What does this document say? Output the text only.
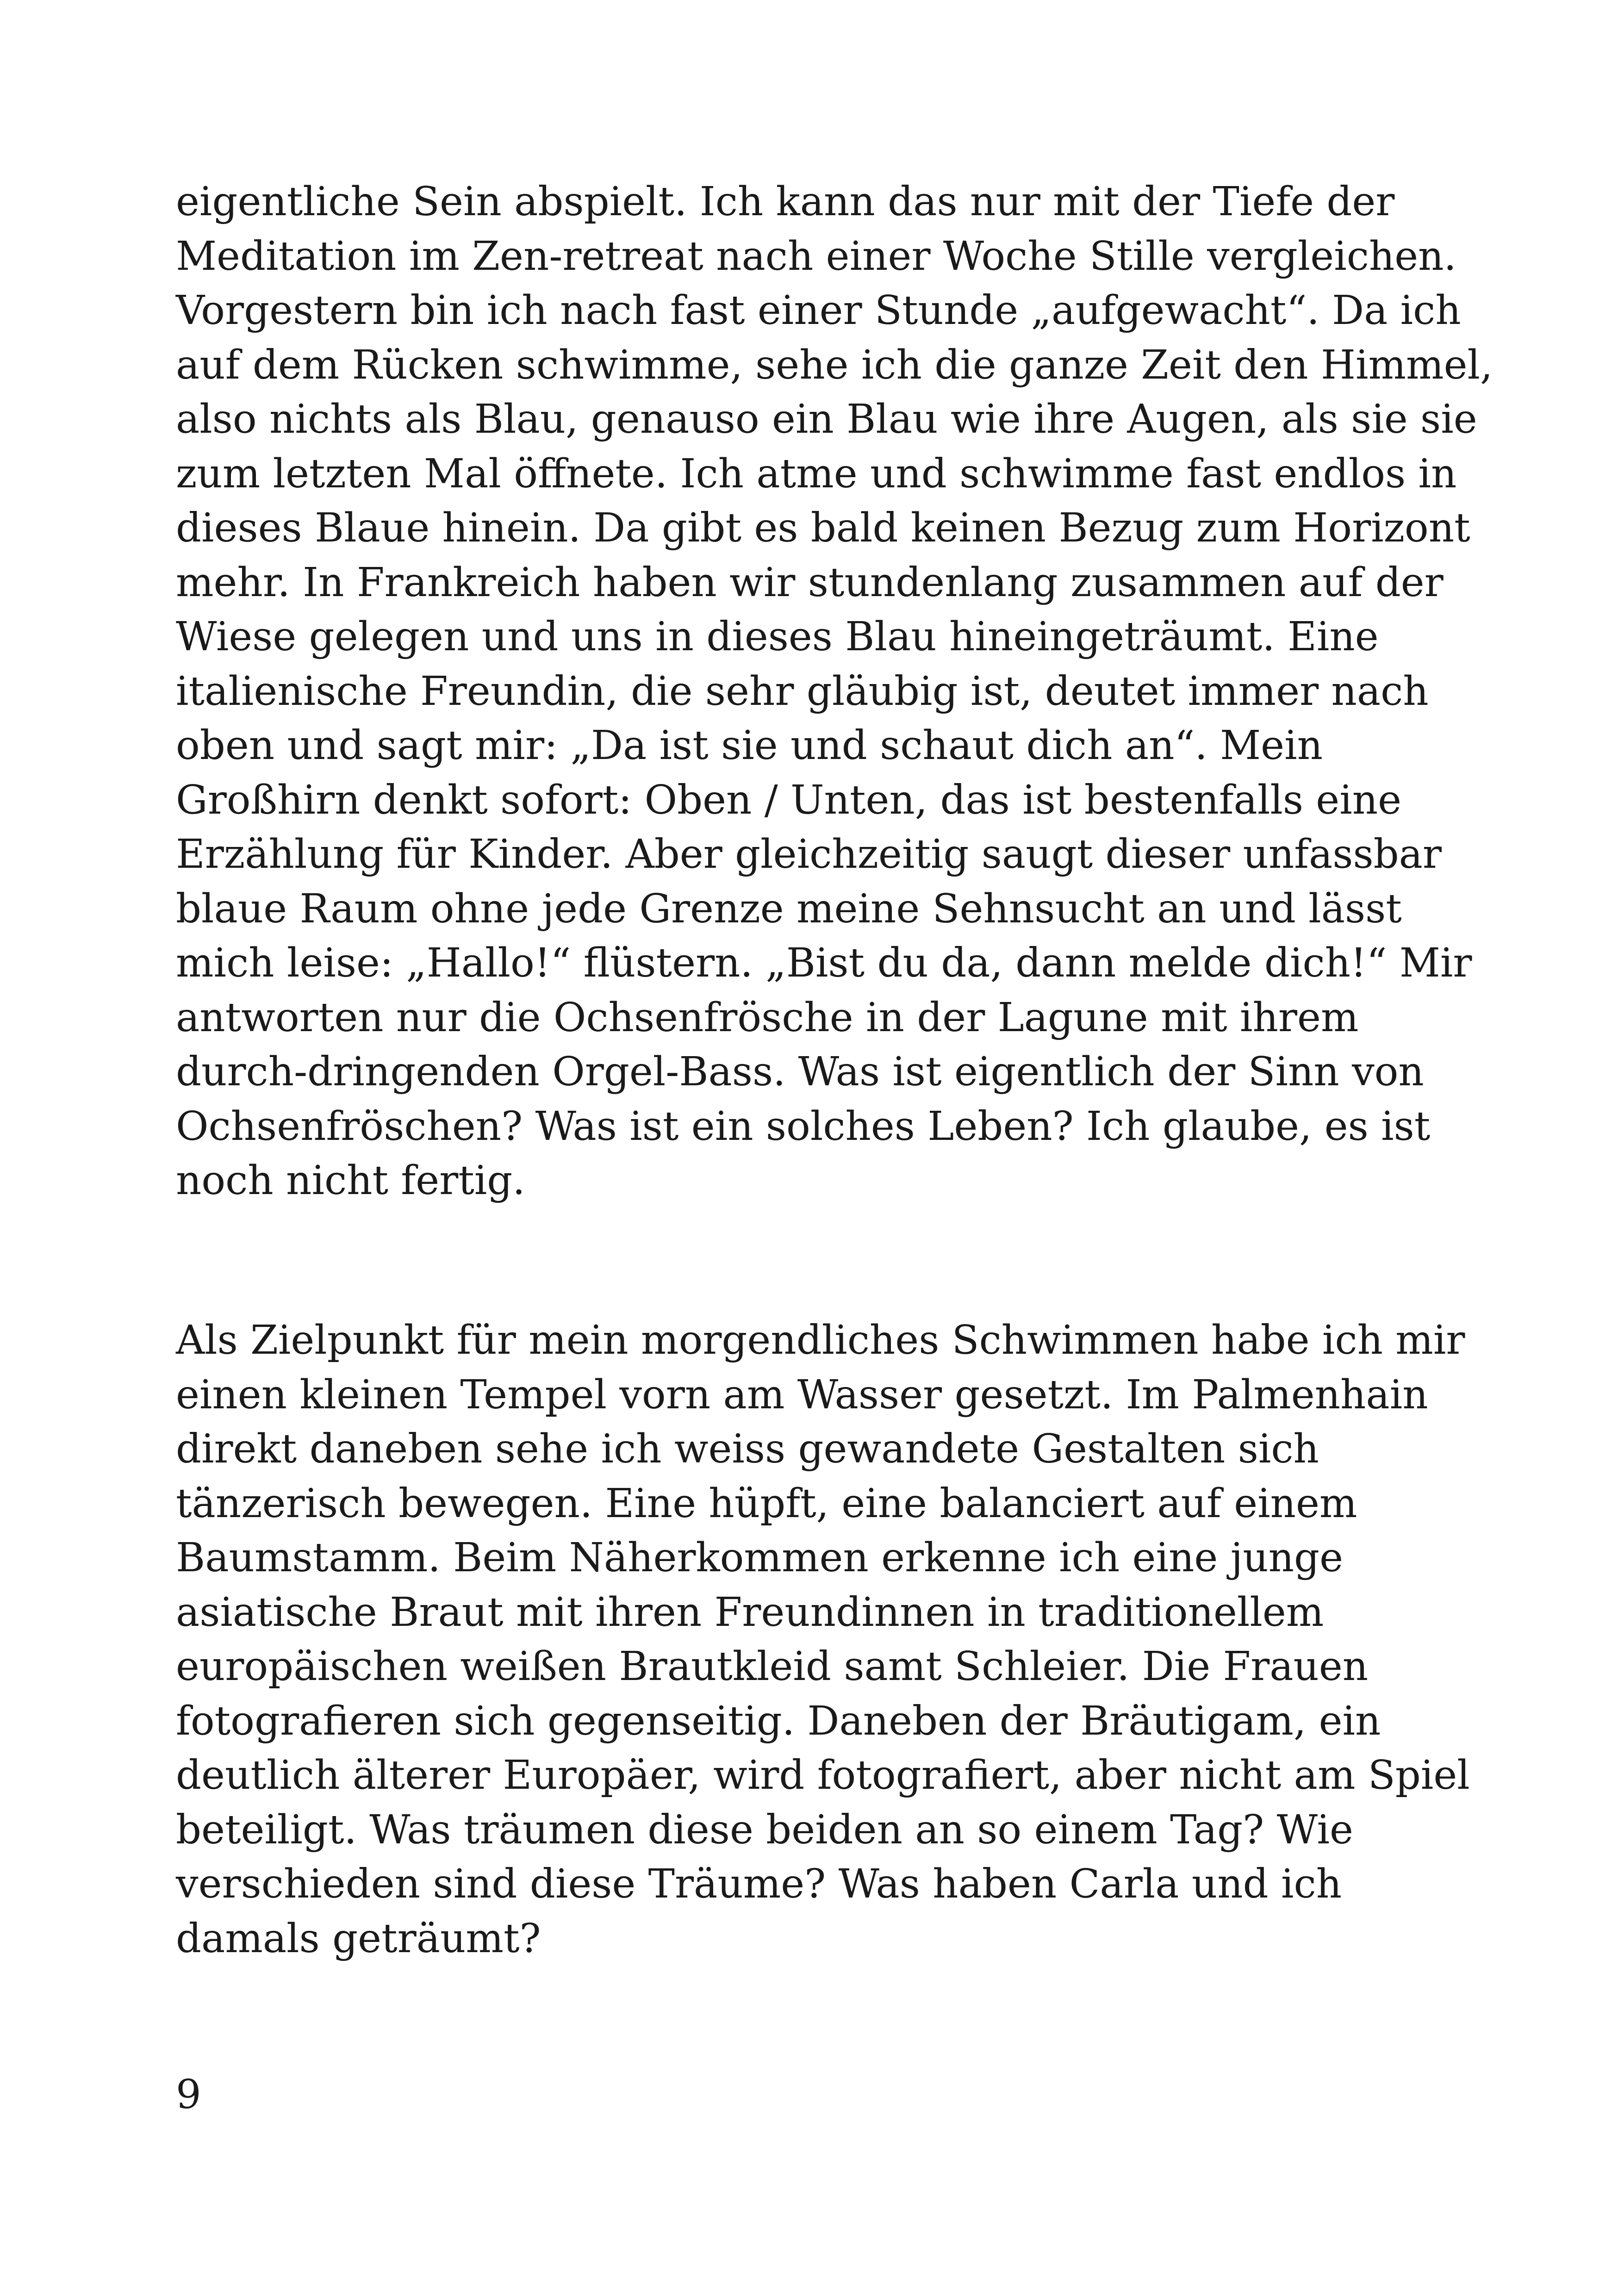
eigentliche Sein abspielt. Ich kann das nur mit der Tiefe der
Meditation im Zen-retreat nach einer Woche Stille vergleichen.
Vorgestern bin ich nach fast einer Stunde „aufgewacht“. Da ich
auf dem Rücken schwimme, sehe ich die ganze Zeit den Himmel,
also nichts als Blau, genauso ein Blau wie ihre Augen, als sie sie
zum letzten Mal öffnete. Ich atme und schwimme fast endlos in
dieses Blaue hinein. Da gibt es bald keinen Bezug zum Horizont
mehr. In Frankreich haben wir stundenlang zusammen auf der
Wiese gelegen und uns in dieses Blau hineingeträumt. Eine
italienische Freundin, die sehr gläubig ist, deutet immer nach
oben und sagt mir: „Da ist sie und schaut dich an“. Mein
Großhirn denkt sofort: Oben / Unten, das ist bestenfalls eine
Erzählung für Kinder. Aber gleichzeitig saugt dieser unfassbar
blaue Raum ohne jede Grenze meine Sehnsucht an und lässt
mich leise: „Hallo!“ flüstern. „Bist du da, dann melde dich!“ Mir
antworten nur die Ochsenfrösche in der Lagune mit ihrem
durch-dringenden Orgel-Bass. Was ist eigentlich der Sinn von
Ochsenfröschen? Was ist ein solches Leben? Ich glaube, es ist
noch nicht fertig.

Als Zielpunkt für mein morgendliches Schwimmen habe ich mir
einen kleinen Tempel vorn am Wasser gesetzt. Im Palmenhain
direkt daneben sehe ich weiss gewandete Gestalten sich
tänzerisch bewegen. Eine hüpft, eine balanciert auf einem
Baumstamm. Beim Näherkommen erkenne ich eine junge
asiatische Braut mit ihren Freundinnen in traditionellem
europäischen weißen Brautkleid samt Schleier. Die Frauen
fotografieren sich gegenseitig. Daneben der Bräutigam, ein
deutlich älterer Europäer, wird fotografiert, aber nicht am Spiel
beteiligt. Was träumen diese beiden an so einem Tag? Wie
verschieden sind diese Träume? Was haben Carla und ich
damals geträumt?

9
